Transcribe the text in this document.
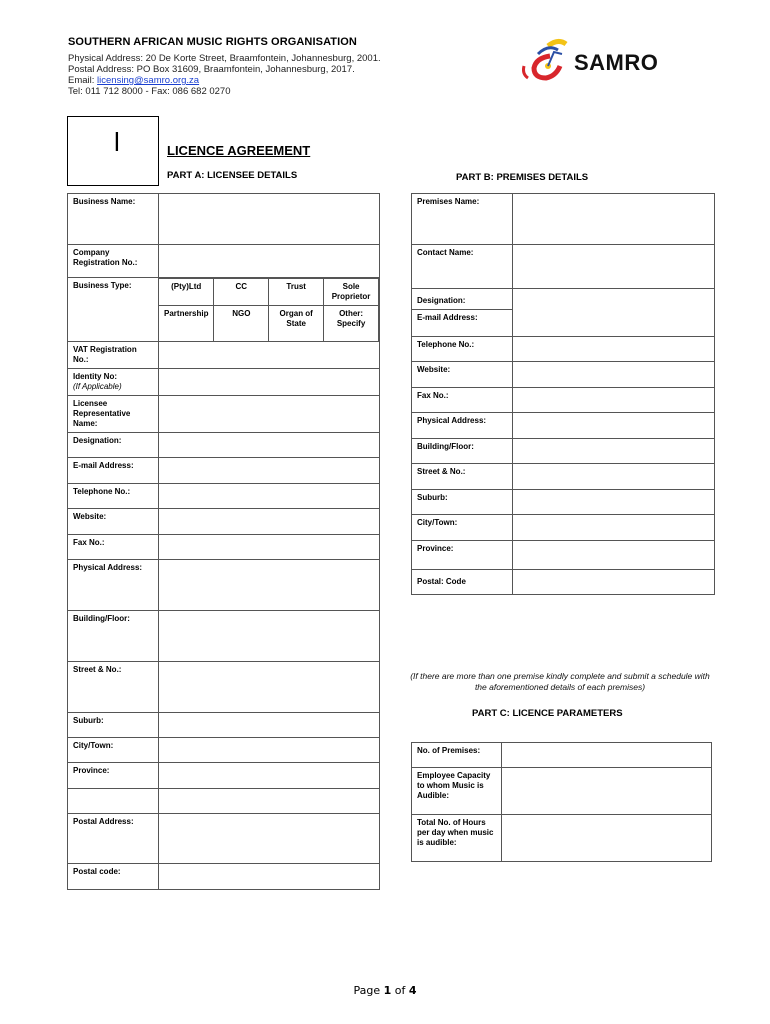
SOUTHERN AFRICAN MUSIC RIGHTS ORGANISATION
Physical Address: 20 De Korte Street, Braamfontein, Johannesburg, 2001.
Postal Address: PO Box 31609, Braamfontein, Johannesburg, 2017.
Email: licensing@samro.org.za
Tel: 011 712 8000 - Fax: 086 682 0270
SAMRO
l	LICENCE AGREEMENT
PART A: LICENSEE DETAILS	PART B: PREMISES DETAILS
Business Name:	
Company Registration No.:	
Business Type:		(Pty)Ltd	CC	Trust	Sole Proprietor
Partnership	NGO	Organ of State	Other: Specify

VAT Registration No.:	
Identity No:
(If Applicable)	
Licensee Representative Name:	
Designation:	
E-mail Address:	
Telephone No.:	
Website:	
Fax No.:	
Physical Address:	
Building/Floor:	
Street & No.:	
Suburb:	
City/Town:	
Province:	

Postal Address:	
Postal code:	
Premises Name:	
Contact Name:	
Designation:	
E-mail Address:	
Telephone No.:	
Website:	
Fax No.:	
Physical Address:	
Building/Floor:	
Street & No.:	
Suburb:	
City/Town:	
Province:	
Postal: Code	
(If there are more than one premise kindly complete and submit a schedule with the aforementioned details of each premises)
PART C: LICENCE PARAMETERS
No. of Premises:	
Employee Capacity to whom Music is Audible:	
Total No. of Hours per day when music is audible:	
Page 1 of 4
